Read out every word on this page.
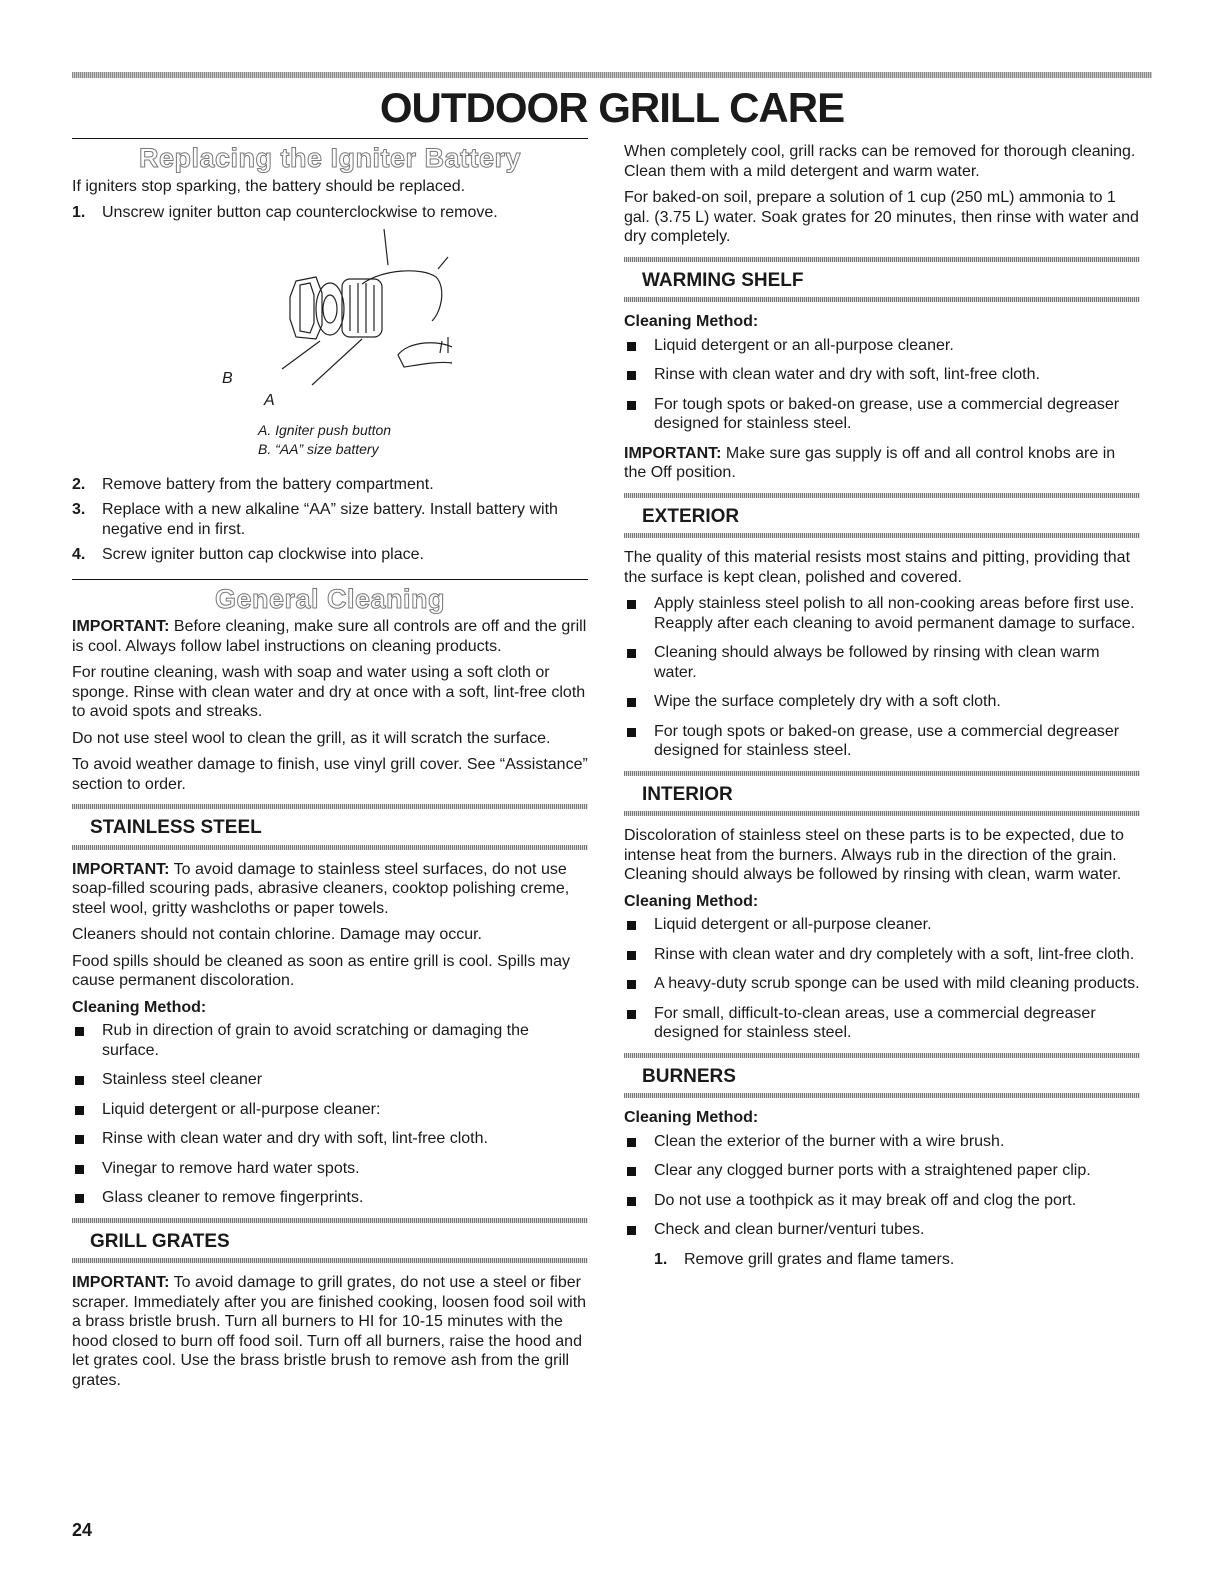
OUTDOOR GRILL CARE
Replacing the Igniter Battery

If igniters stop sparking, the battery should be replaced.

1. Unscrew igniter button cap counterclockwise to remove.
B
A
A. Igniter push button
B. “AA” size battery
2. Remove battery from the battery compartment.
3. Replace with a new alkaline “AA” size battery. Install battery with negative end in first.
4. Screw igniter button cap clockwise into place.
General Cleaning

IMPORTANT: Before cleaning, make sure all controls are off and the grill is cool. Always follow label instructions on cleaning products.

For routine cleaning, wash with soap and water using a soft cloth or sponge. Rinse with clean water and dry at once with a soft, lint-free cloth to avoid spots and streaks.

Do not use steel wool to clean the grill, as it will scratch the surface.

To avoid weather damage to finish, use vinyl grill cover. See “Assistance” section to order.

STAINLESS STEEL

IMPORTANT: To avoid damage to stainless steel surfaces, do not use soap-filled scouring pads, abrasive cleaners, cooktop polishing creme, steel wool, gritty washcloths or paper towels.

Cleaners should not contain chlorine. Damage may occur.

Food spills should be cleaned as soon as entire grill is cool. Spills may cause permanent discoloration.

Cleaning Method:

Rub in direction of grain to avoid scratching or damaging the surface.
Stainless steel cleaner
Liquid detergent or all-purpose cleaner:
Rinse with clean water and dry with soft, lint-free cloth.
Vinegar to remove hard water spots.
Glass cleaner to remove fingerprints.
GRILL GRATES

IMPORTANT: To avoid damage to grill grates, do not use a steel or fiber scraper. Immediately after you are finished cooking, loosen food soil with a brass bristle brush. Turn all burners to HI for 10-15 minutes with the hood closed to burn off food soil. Turn off all burners, raise the hood and let grates cool. Use the brass bristle brush to remove ash from the grill grates.

When completely cool, grill racks can be removed for thorough cleaning. Clean them with a mild detergent and warm water.

For baked-on soil, prepare a solution of 1 cup (250 mL) ammonia to 1 gal. (3.75 L) water. Soak grates for 20 minutes, then rinse with water and dry completely.

WARMING SHELF

Cleaning Method:

Liquid detergent or an all-purpose cleaner.
Rinse with clean water and dry with soft, lint-free cloth.
For tough spots or baked-on grease, use a commercial degreaser designed for stainless steel.

IMPORTANT: Make sure gas supply is off and all control knobs are in the Off position.

EXTERIOR

The quality of this material resists most stains and pitting, providing that the surface is kept clean, polished and covered.

Apply stainless steel polish to all non-cooking areas before first use. Reapply after each cleaning to avoid permanent damage to surface.
Cleaning should always be followed by rinsing with clean warm water.
Wipe the surface completely dry with a soft cloth.
For tough spots or baked-on grease, use a commercial degreaser designed for stainless steel.
INTERIOR

Discoloration of stainless steel on these parts is to be expected, due to intense heat from the burners. Always rub in the direction of the grain. Cleaning should always be followed by rinsing with clean, warm water.

Cleaning Method:

Liquid detergent or all-purpose cleaner.
Rinse with clean water and dry completely with a soft, lint-free cloth.
A heavy-duty scrub sponge can be used with mild cleaning products.
For small, difficult-to-clean areas, use a commercial degreaser designed for stainless steel.
BURNERS

Cleaning Method:

Clean the exterior of the burner with a wire brush.
Clear any clogged burner ports with a straightened paper clip.
Do not use a toothpick as it may break off and clog the port.
Check and clean burner/venturi tubes.
1. Remove grill grates and flame tamers.
24
